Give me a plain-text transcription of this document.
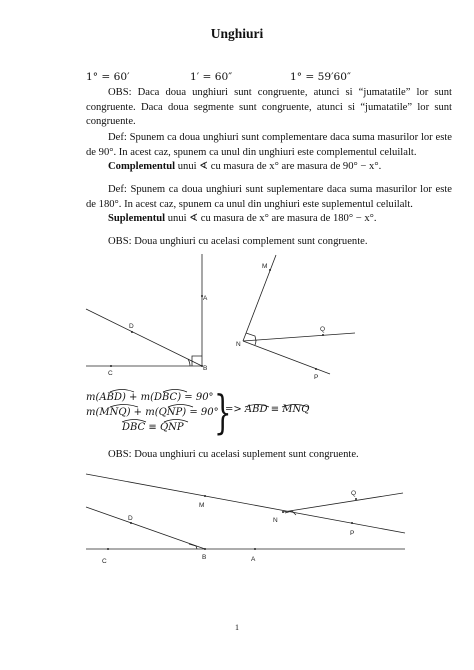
Unghiuri
1° = 60′	1′ = 60″	1° = 59′60″
OBS: Daca doua unghiuri sunt congruente, atunci si “jumatatile” lor sunt congruente. Daca doua segmente sunt congruente, atunci si “jumatatile” lor sunt congruente.
Def: Spunem ca doua unghiuri sunt complementare daca suma masurilor lor este de 90°. In acest caz, spunem ca unul din unghiuri este complementul celuilalt.
Complementul unui ∢ cu masura de x° are masura de 90° − x°.
Def: Spunem ca doua unghiuri sunt suplementare daca suma masurilor lor este de 180°. In acest caz, spunem ca unul din unghiuri este suplementul celuilalt.
Suplementul unui ∢ cu masura de x° are masura de 180° − x°.
OBS: Doua unghiuri cu acelasi complement sunt congruente.
A
B
C
D
M
N
Q
P
m(ABD) + m(DBC) = 90°
m(MNQ) + m(QNP) = 90°
DBC ≡ QNP }
=> ABD ≡ MNQ
OBS: Doua unghiuri cu acelasi suplement sunt congruente.
M
N
P
Q
D
B	A
C
1
